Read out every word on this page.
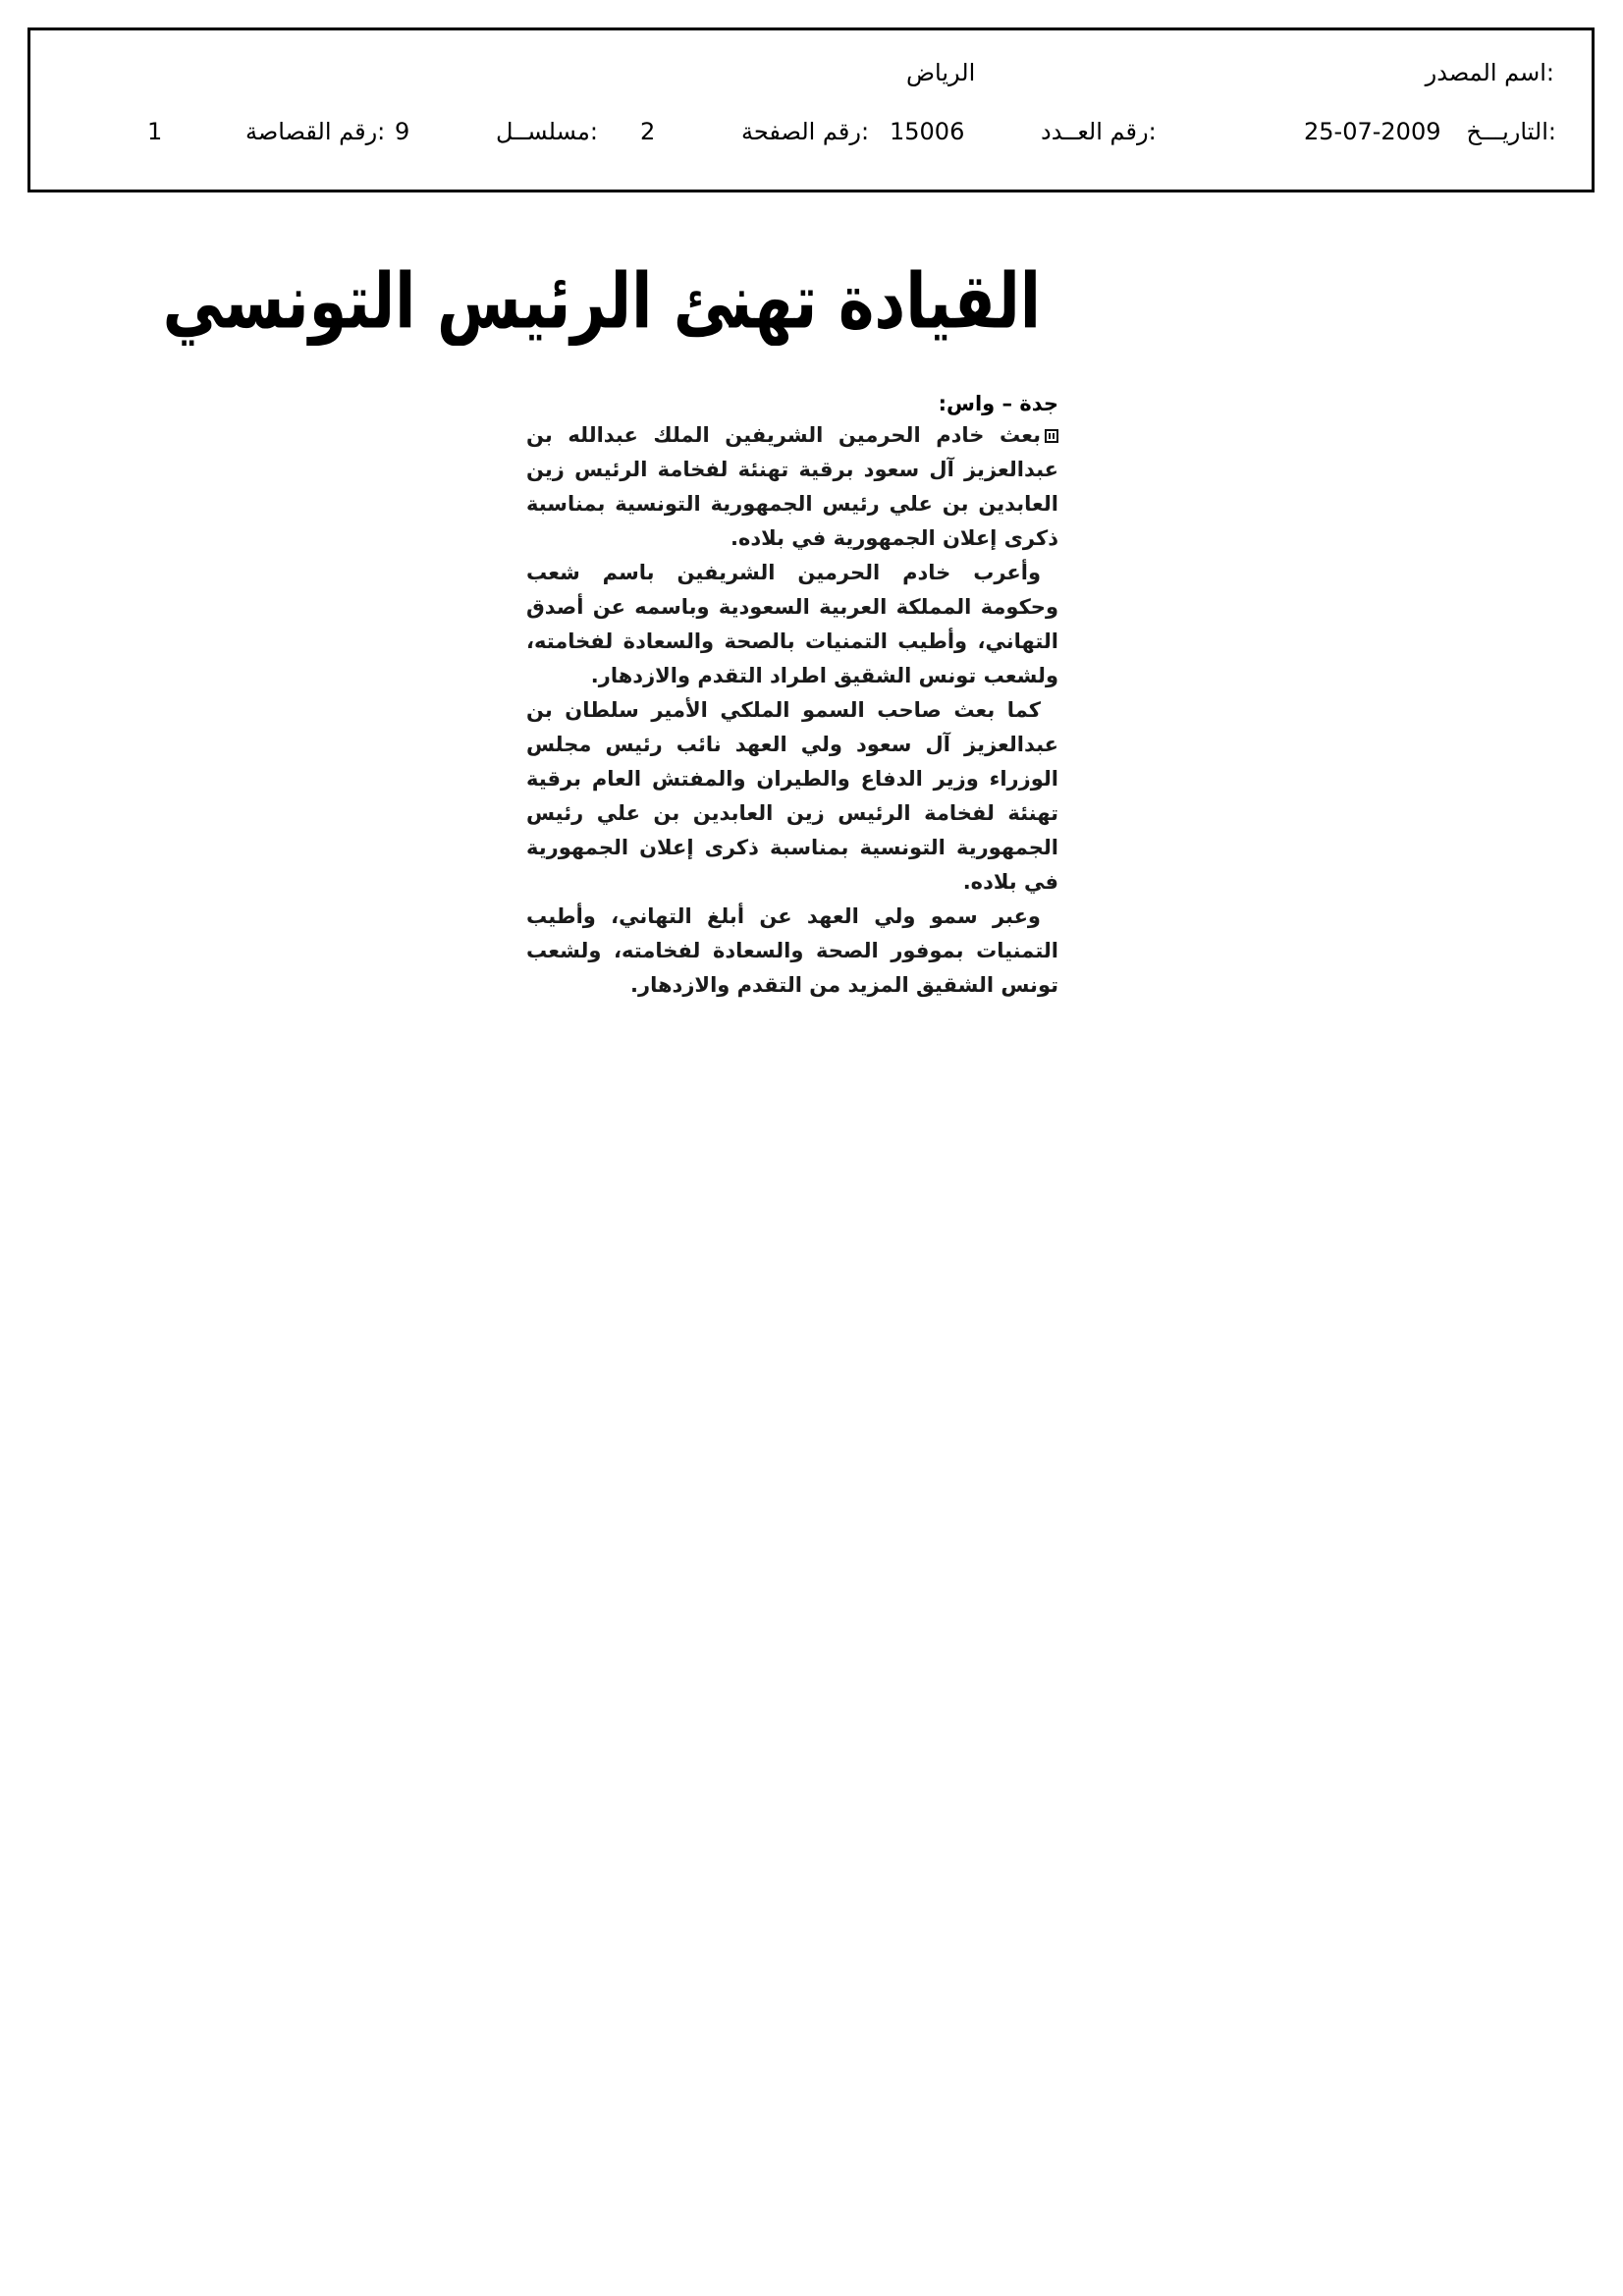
اسم المصدر:
الرياض
التاريـــخ:
25-07-2009
رقم العــدد:
15006
رقم الصفحة:
2
مسلســل:
9
رقم القصاصة:
1
القيادة تهنئ الرئيس التونسي
جدة – واس:

بعث خادم الحرمين الشريفين الملك عبدالله بن عبدالعزيز آل سعود برقية تهنئة لفخامة الرئيس زين العابدين بن علي رئيس الجمهورية التونسية بمناسبة ذكرى إعلان الجمهورية في بلاده.

وأعرب خادم الحرمين الشريفين باسم شعب وحكومة المملكة العربية السعودية وباسمه عن أصدق التهاني، وأطيب التمنيات بالصحة والسعادة لفخامته، ولشعب تونس الشقيق اطراد التقدم والازدهار.

كما بعث صاحب السمو الملكي الأمير سلطان بن عبدالعزيز آل سعود ولي العهد نائب رئيس مجلس الوزراء وزير الدفاع والطيران والمفتش العام برقية تهنئة لفخامة الرئيس زين العابدين بن علي رئيس الجمهورية التونسية بمناسبة ذكرى إعلان الجمهورية في بلاده.

وعبر سمو ولي العهد عن أبلغ التهاني، وأطيب التمنيات بموفور الصحة والسعادة لفخامته، ولشعب تونس الشقيق المزيد من التقدم والازدهار.
